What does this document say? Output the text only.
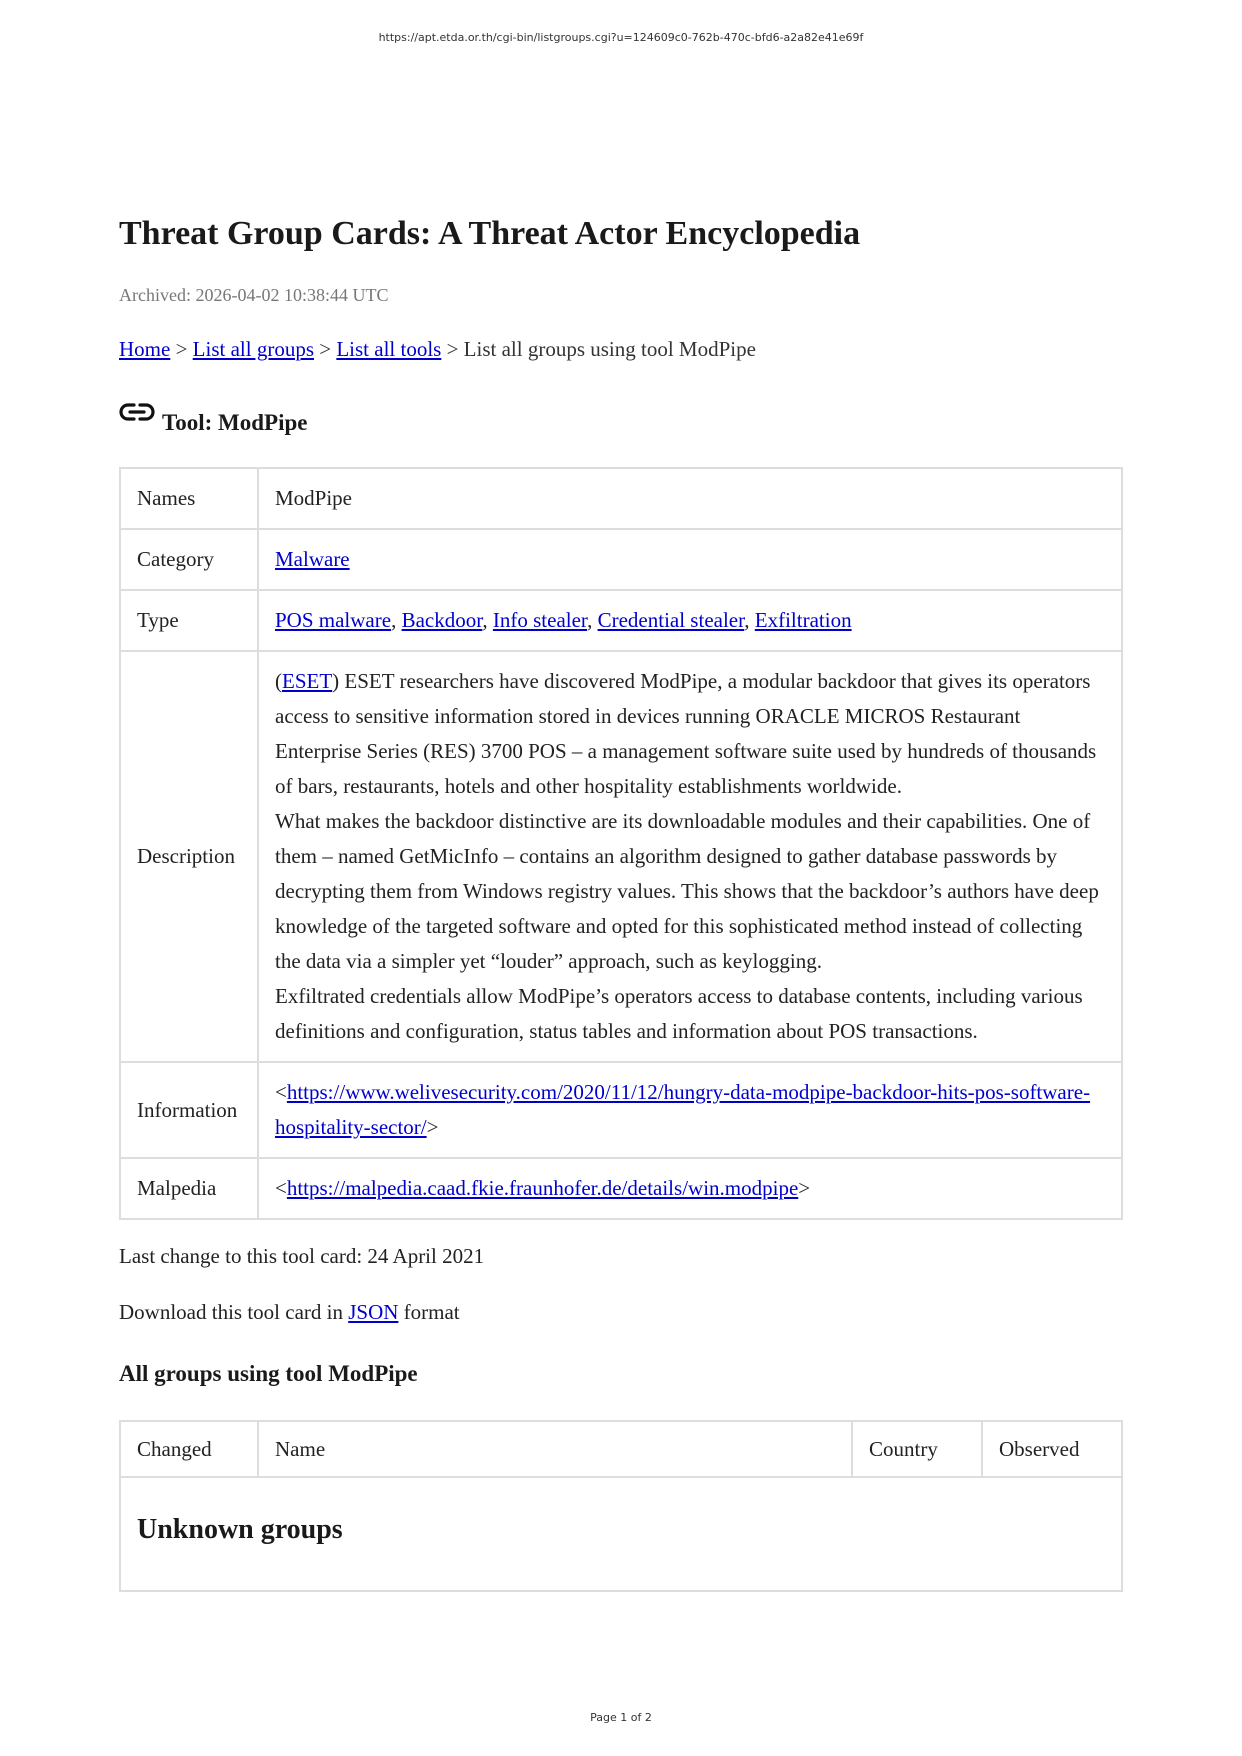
https://apt.etda.or.th/cgi-bin/listgroups.cgi?u=124609c0-762b-470c-bfd6-a2a82e41e69f
Threat Group Cards: A Threat Actor Encyclopedia
Archived: 2026-04-02 10:38:44 UTC
Home > List all groups > List all tools > List all groups using tool ModPipe
Tool: ModPipe
Names	ModPipe
Category	Malware
Type	POS malware, Backdoor, Info stealer, Credential stealer, Exfiltration
Description	(ESET) ESET researchers have discovered ModPipe, a modular backdoor that gives its operators access to sensitive information stored in devices running ORACLE MICROS Restaurant Enterprise Series (RES) 3700 POS – a management software suite used by hundreds of thousands of bars, restaurants, hotels and other hospitality establishments worldwide.

What makes the backdoor distinctive are its downloadable modules and their capabilities. One of them – named GetMicInfo – contains an algorithm designed to gather database passwords by decrypting them from Windows registry values. This shows that the backdoor’s authors have deep knowledge of the targeted software and opted for this sophisticated method instead of collecting the data via a simpler yet “louder” approach, such as keylogging.

Exfiltrated credentials allow ModPipe’s operators access to database contents, including various definitions and configuration, status tables and information about POS transactions.

Information	<https://www.welivesecurity.com/2020/11/12/hungry-data-modpipe-backdoor-hits-pos-software-hospitality-sector/>
Malpedia	<https://malpedia.caad.fkie.fraunhofer.de/details/win.modpipe>
Last change to this tool card: 24 April 2021
Download this tool card in JSON format
All groups using tool ModPipe
Changed	Name	Country	Observed
Unknown groups
Page 1 of 2
